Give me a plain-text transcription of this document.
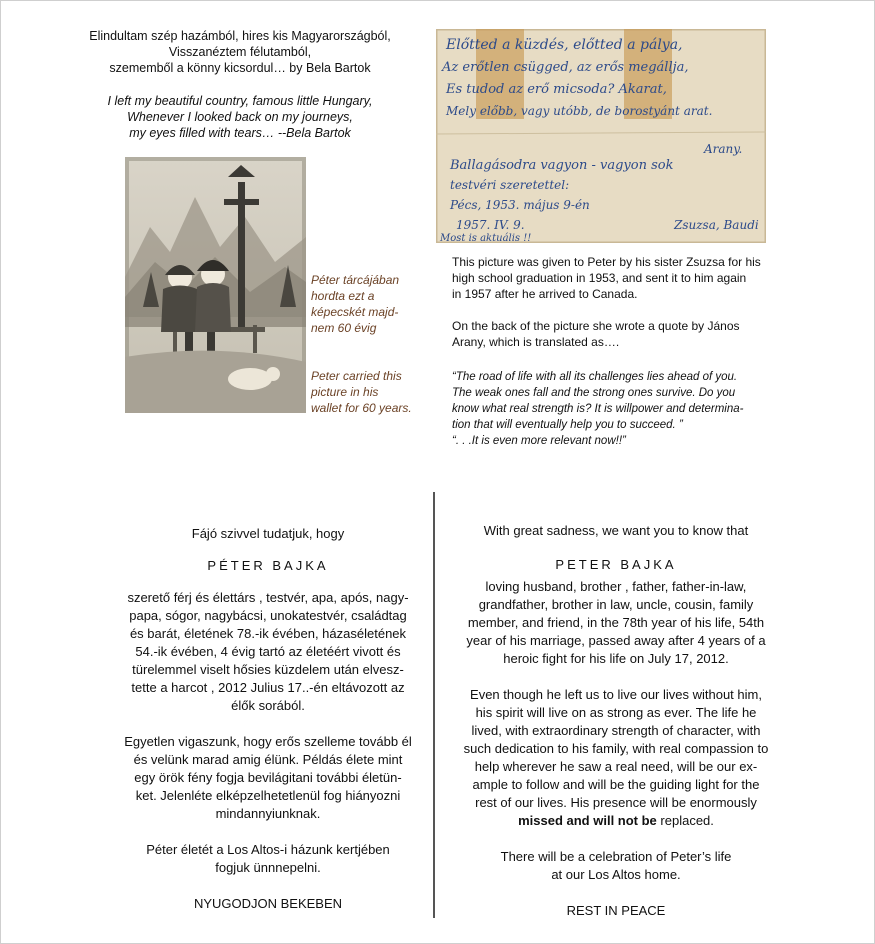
Elindultam szép hazámból, hires kis Magyarországból,
Visszanéztem félutamból,
szememből a könny kicsordul… by Bela Bartok
I left my beautiful country, famous little Hungary,
Whenever I looked back on my journeys,
my eyes filled with tears… --Bela Bartok
Péter tárcájában
hordta ezt a
képecskét majd-
nem 60 évig
Peter carried this
picture in his
wallet for 60 years.
Előtted a küzdés, előtted a pálya,
Az erőtlen csügged, az erős megállja,
Es tudod az erő micsoda? Akarat,
Mely előbb, vagy utóbb, de borostyánt arat.
Arany.
Ballagásodra vagyon - vagyon sok
testvéri szeretettel:
Pécs, 1953. május 9-én
1957. IV. 9.	Zsuzsa, Baudi
Most is aktuális !!

This picture was given to Peter by his sister Zsuzsa for his
high school graduation in 1953, and sent it to him again
in 1957 after he arrived to Canada.

On the back of the picture she wrote a quote by János
Arany, which is translated as….

“The road of life with all its challenges lies ahead of you.
The weak ones fall and the strong ones survive. Do you
know what real strength is? It is willpower and determina-
tion that will eventually help you to succeed. ”
“. . .It is even more relevant now!!”
Fájó szivvel tudatjuk, hogy
PÉTER BAJKA
szerető férj és élettárs , testvér, apa, após, nagy-
papa, sógor, nagybácsi, unokatestvér, családtag
és barát, életének 78.-ik évében, házaséletének
54.-ik évében, 4 évig tartó az életéért vivott és
türelemmel viselt hősies küzdelem után elvesz-
tette a harcot , 2012 Julius 17..-én eltávozott az
élők sorából.
Egyetlen vigaszunk, hogy erős szelleme tovább él
és velünk marad amig élünk. Példás élete mint
egy örök fény fogja bevilágitani további életün-
ket. Jelenléte elképzelhetetlenül fog hiányozni
mindannyiunknak.
Péter életét a Los Altos-i házunk kertjében
fogjuk ünnnepelni.
NYUGODJON BEKEBEN
With great sadness, we want you to know that
PETER BAJKA
loving husband, brother , father, father-in-law,
grandfather, brother in law, uncle, cousin, family
member, and friend, in the 78th year of his life, 54th
year of his marriage, passed away after 4 years of a
heroic fight for his life on July 17, 2012.
Even though he left us to live our lives without him,
his spirit will live on as strong as ever. The life he
lived, with extraordinary strength of character, with
such dedication to his family, with real compassion to
help wherever he saw a real need, will be our ex-
ample to follow and will be the guiding light for the
rest of our lives. His presence will be enormously
missed and will not be replaced.
There will be a celebration of Peter’s life
at our Los Altos home.
REST IN PEACE
